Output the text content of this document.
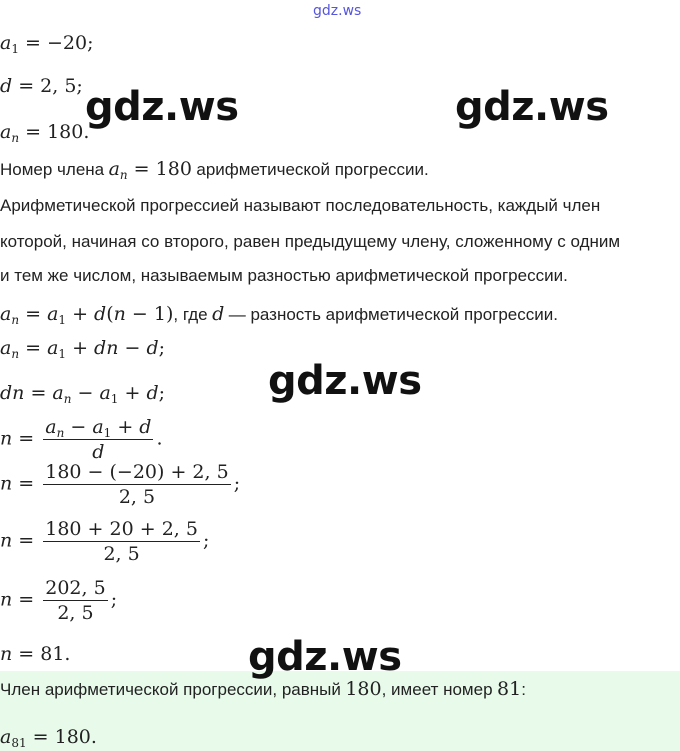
gdz.ws
$a_1 = -20$;
d = 2, 5;
$a_n = 180$.
Номер члена $a_n = 180$ арифметической прогрессии.
Арифметической прогрессией называют последовательность, каждый член
которой, начиная со второго, равен предыдущему члену, сложенному с одним
и тем же числом, называемым разностью арифметической прогрессии.
$a_n = a_1 + d(n - 1)$, где d — разность арифметической прогрессии.
$a_n = a_1$ + dn − d;
dn = $a_n - a_1 + d$;
$n = \frac{a_n - a_1 + d}{d}$ .
$n = \frac{180 - (-20) + 2, 5}{2, 5}$ ;
$n = \frac{180 + 20 + 2, 5}{2, 5}$ ;
$n = \frac{202, 5}{2, 5}$ ;
n = 81.
Член арифметической прогрессии, равный 180, имеет номер 81:
$a_{81} = 180$.
gdz.ws	gdz.ws
gdz.ws
gdz.ws
